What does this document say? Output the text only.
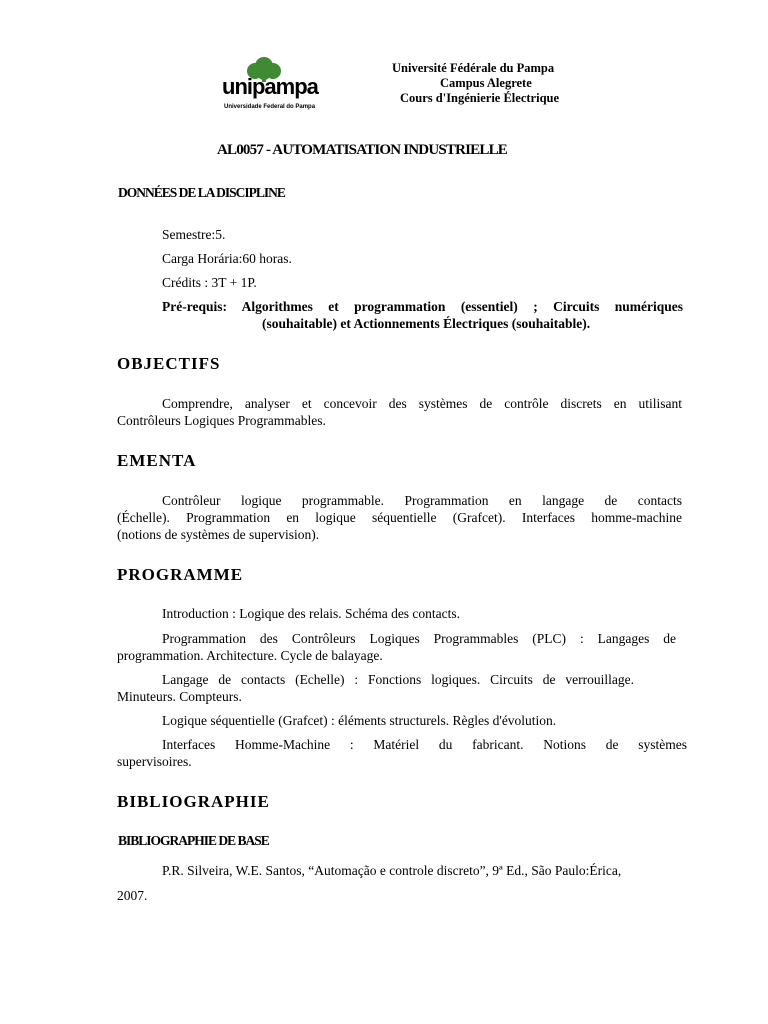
unipampa
Universidade Federal do Pampa
Université Fédérale du Pampa
Campus Alegrete
Cours d'Ingénierie Électrique
AL0057 - AUTOMATISATION INDUSTRIELLE
DONNÉES DE LA DISCIPLINE
Semestre:5.
Carga Horária:60 horas.
Crédits : 3T + 1P.
Pré-requis: Algorithmes et programmation (essentiel) ; Circuits numériques
(souhaitable) et Actionnements Électriques (souhaitable).
OBJECTIFS
Comprendre, analyser et concevoir des systèmes de contrôle discrets en utilisant
Contrôleurs Logiques Programmables.
EMENTA
Contrôleur logique programmable. Programmation en langage de contacts
(Échelle). Programmation en logique séquentielle (Grafcet). Interfaces homme-machine
(notions de systèmes de supervision).
PROGRAMME
Introduction : Logique des relais. Schéma des contacts.
Programmation des Contrôleurs Logiques Programmables (PLC) : Langages de
programmation. Architecture. Cycle de balayage.
Langage de contacts (Echelle) : Fonctions logiques. Circuits de verrouillage.
Minuteurs. Compteurs.
Logique séquentielle (Grafcet) : éléments structurels. Règles d'évolution.
Interfaces Homme-Machine : Matériel du fabricant. Notions de systèmes
supervisoires.
BIBLIOGRAPHIE
BIBLIOGRAPHIE DE BASE
P.R. Silveira, W.E. Santos, “Automação e controle discreto”, 9ª Ed., São Paulo:Érica,
2007.
